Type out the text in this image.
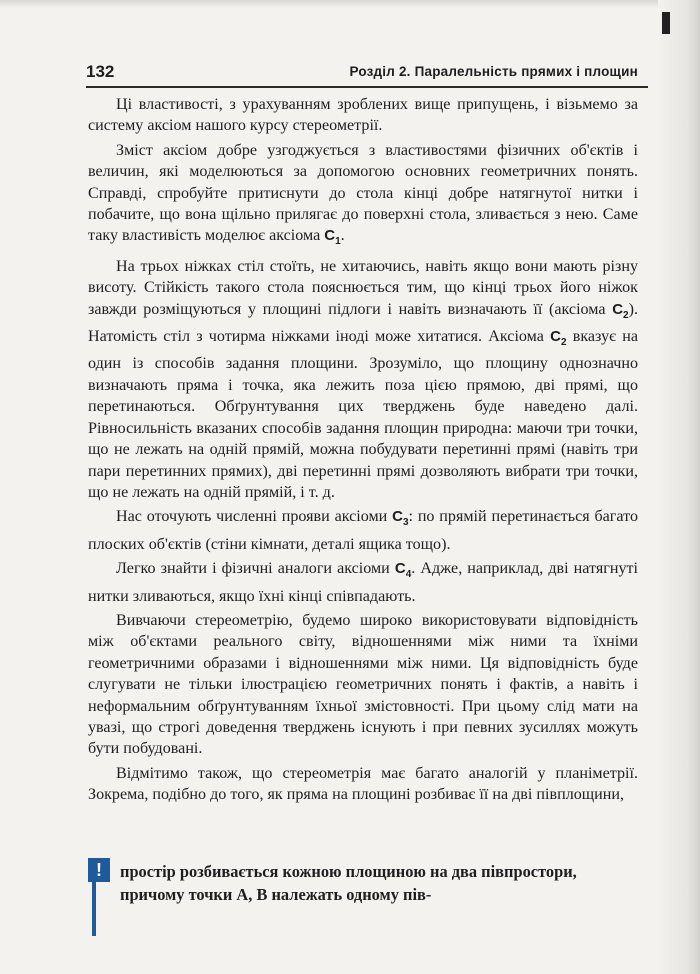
132	Розділ 2. Паралельність прямих і площин

Ці властивості, з урахуванням зроблених вище припущень, і візьмемо за систему аксіом нашого курсу стереометрії.

Зміст аксіом добре узгоджується з властивостями фізичних об'єктів і величин, які моделюються за допомогою основних геометричних понять. Справді, спробуйте притиснути до стола кінці добре натягнутої нитки і побачите, що вона щільно прилягає до поверхні стола, зливається з нею. Саме таку властивість моделює аксіома $C_1$.

На трьох ніжках стіл стоїть, не хитаючись, навіть якщо вони мають різну висоту. Стійкість такого стола пояснюється тим, що кінці трьох його ніжок завжди розміщуються у площині підлоги і навіть визначають її (аксіома $C_2$). Натомість стіл з чотирма ніжками іноді може хитатися. Аксіома $C_2$ вказує на один із способів задання площини. Зрозуміло, що площину однозначно визначають пряма і точка, яка лежить поза цією прямою, дві прямі, що перетинаються. Обґрунтування цих тверджень буде наведено далі. Рівносильність вказаних способів задання площин природна: маючи три точки, що не лежать на одній прямій, можна побудувати перетинні прямі (навіть три пари перетинних прямих), дві перетинні прямі дозволяють вибрати три точки, що не лежать на одній прямій, і т. д.

Нас оточують численні прояви аксіоми $C_3$: по прямій перетинається багато плоских об'єктів (стіни кімнати, деталі ящика тощо).

Легко знайти і фізичні аналоги аксіоми $C_4$. Адже, наприклад, дві натягнуті нитки зливаються, якщо їхні кінці співпадають.

Вивчаючи стереометрію, будемо широко використовувати відповідність між об'єктами реального світу, відношеннями між ними та їхніми геометричними образами і відношеннями між ними. Ця відповідність буде слугувати не тільки ілюстрацією геометричних понять і фактів, а навіть і неформальним обґрунтуванням їхньої змістовності. При цьому слід мати на увазі, що строгі доведення тверджень існують і при певних зусиллях можуть бути побудовані.

Відмітимо також, що стереометрія має багато аналогій у планіметрії. Зокрема, подібно до того, як пряма на площині розбиває її на дві півплощини,

!	простір розбивається кожною площиною на два півпростори,
причому точки A, B належать одному пів-
